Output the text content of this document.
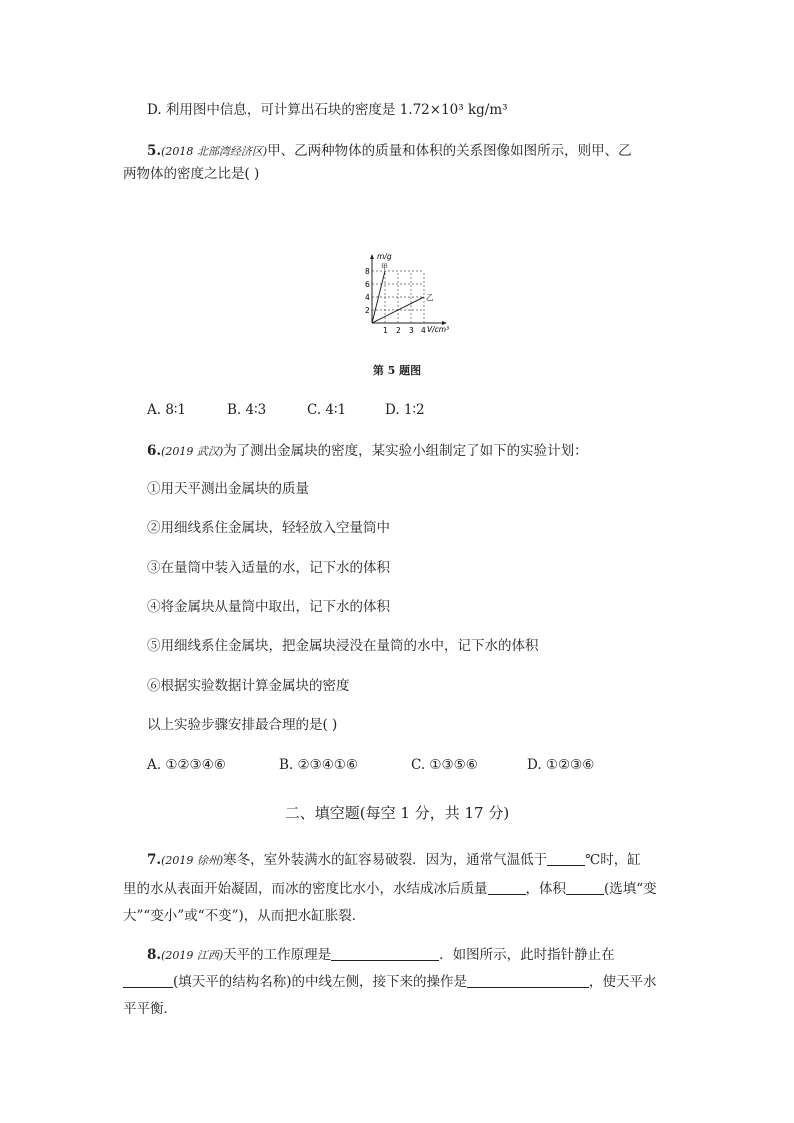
D. 利用图中信息，可计算出石块的密度是 1.72×10³ kg/m³
5.(2018 北部湾经济区)甲、乙两种物体的质量和体积的关系图像如图所示，则甲、乙
两物体的密度之比是( )
m/g
V/cm³
8
6
4
2
1 2 3 4
甲
乙
第 5 题图
A. 8∶1	B. 4∶3	C. 4∶1	D. 1∶2
6.(2019 武汉)为了测出金属块的密度，某实验小组制定了如下的实验计划：
①用天平测出金属块的质量
②用细线系住金属块，轻轻放入空量筒中
③在量筒中装入适量的水，记下水的体积
④将金属块从量筒中取出，记下水的体积
⑤用细线系住金属块，把金属块浸没在量筒的水中，记下水的体积
⑥根据实验数据计算金属块的密度
以上实验步骤安排最合理的是( )
A. ①②③④⑥	B. ②③④①⑥	C. ①③⑤⑥	D. ①②③⑥
二、填空题(每空 1 分，共 17 分)
7.(2019 徐州)寒冬，室外装满水的缸容易破裂．因为，通常气温低于	℃时，缸
里的水从表面开始凝固，而冰的密度比水小，水结成冰后质量	，体积	(选填“变
大”“变小”或“不变”)，从而把水缸胀裂．
8.(2019 江西)天平的工作原理是	．如图所示，此时指针静止在
(填天平的结构名称)的中线左侧，接下来的操作是	，使天平水
平平衡．
